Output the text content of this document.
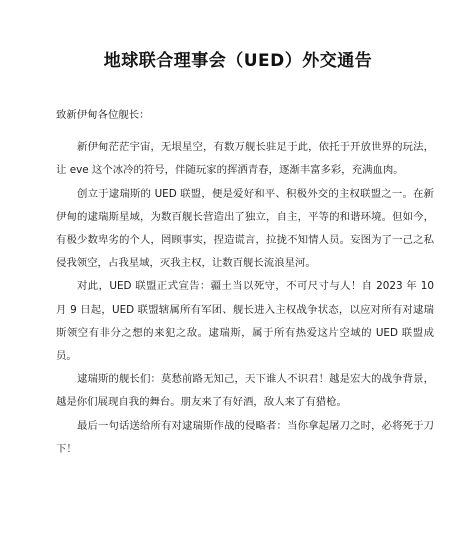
地球联合理事会（UED）外交通告

致新伊甸各位舰长：

新伊甸茫茫宇宙，无垠星空，有数万舰长驻足于此，依托于开放世界的玩法，让 eve 这个冰冷的符号，伴随玩家的挥洒青春，逐渐丰富多彩，充满血肉。

创立于逮瑞斯的 UED 联盟，便是爱好和平、积极外交的主权联盟之一。在新伊甸的逮瑞斯星域，为数百舰长营造出了独立，自主，平等的和谐环境。但如今，有极少数卑劣的个人，罔顾事实，捏造谎言，拉拢不知情人员。妄图为了一己之私侵我领空，占我星域，灭我主权，让数百舰长流浪星河。

对此，UED 联盟正式宣告：疆土当以死守，不可尺寸与人！自 2023 年 10 月 9 日起，UED 联盟辖属所有军团、舰长进入主权战争状态，以应对所有对逮瑞斯领空有非分之想的来犯之敌。逮瑞斯，属于所有热爱这片空域的 UED 联盟成员。

逮瑞斯的舰长们：莫愁前路无知己，天下谁人不识君！越是宏大的战争背景，越是你们展现自我的舞台。朋友来了有好酒，敌人来了有猎枪。

最后一句话送给所有对逮瑞斯作战的侵略者：当你拿起屠刀之时，必将死于刀下！
